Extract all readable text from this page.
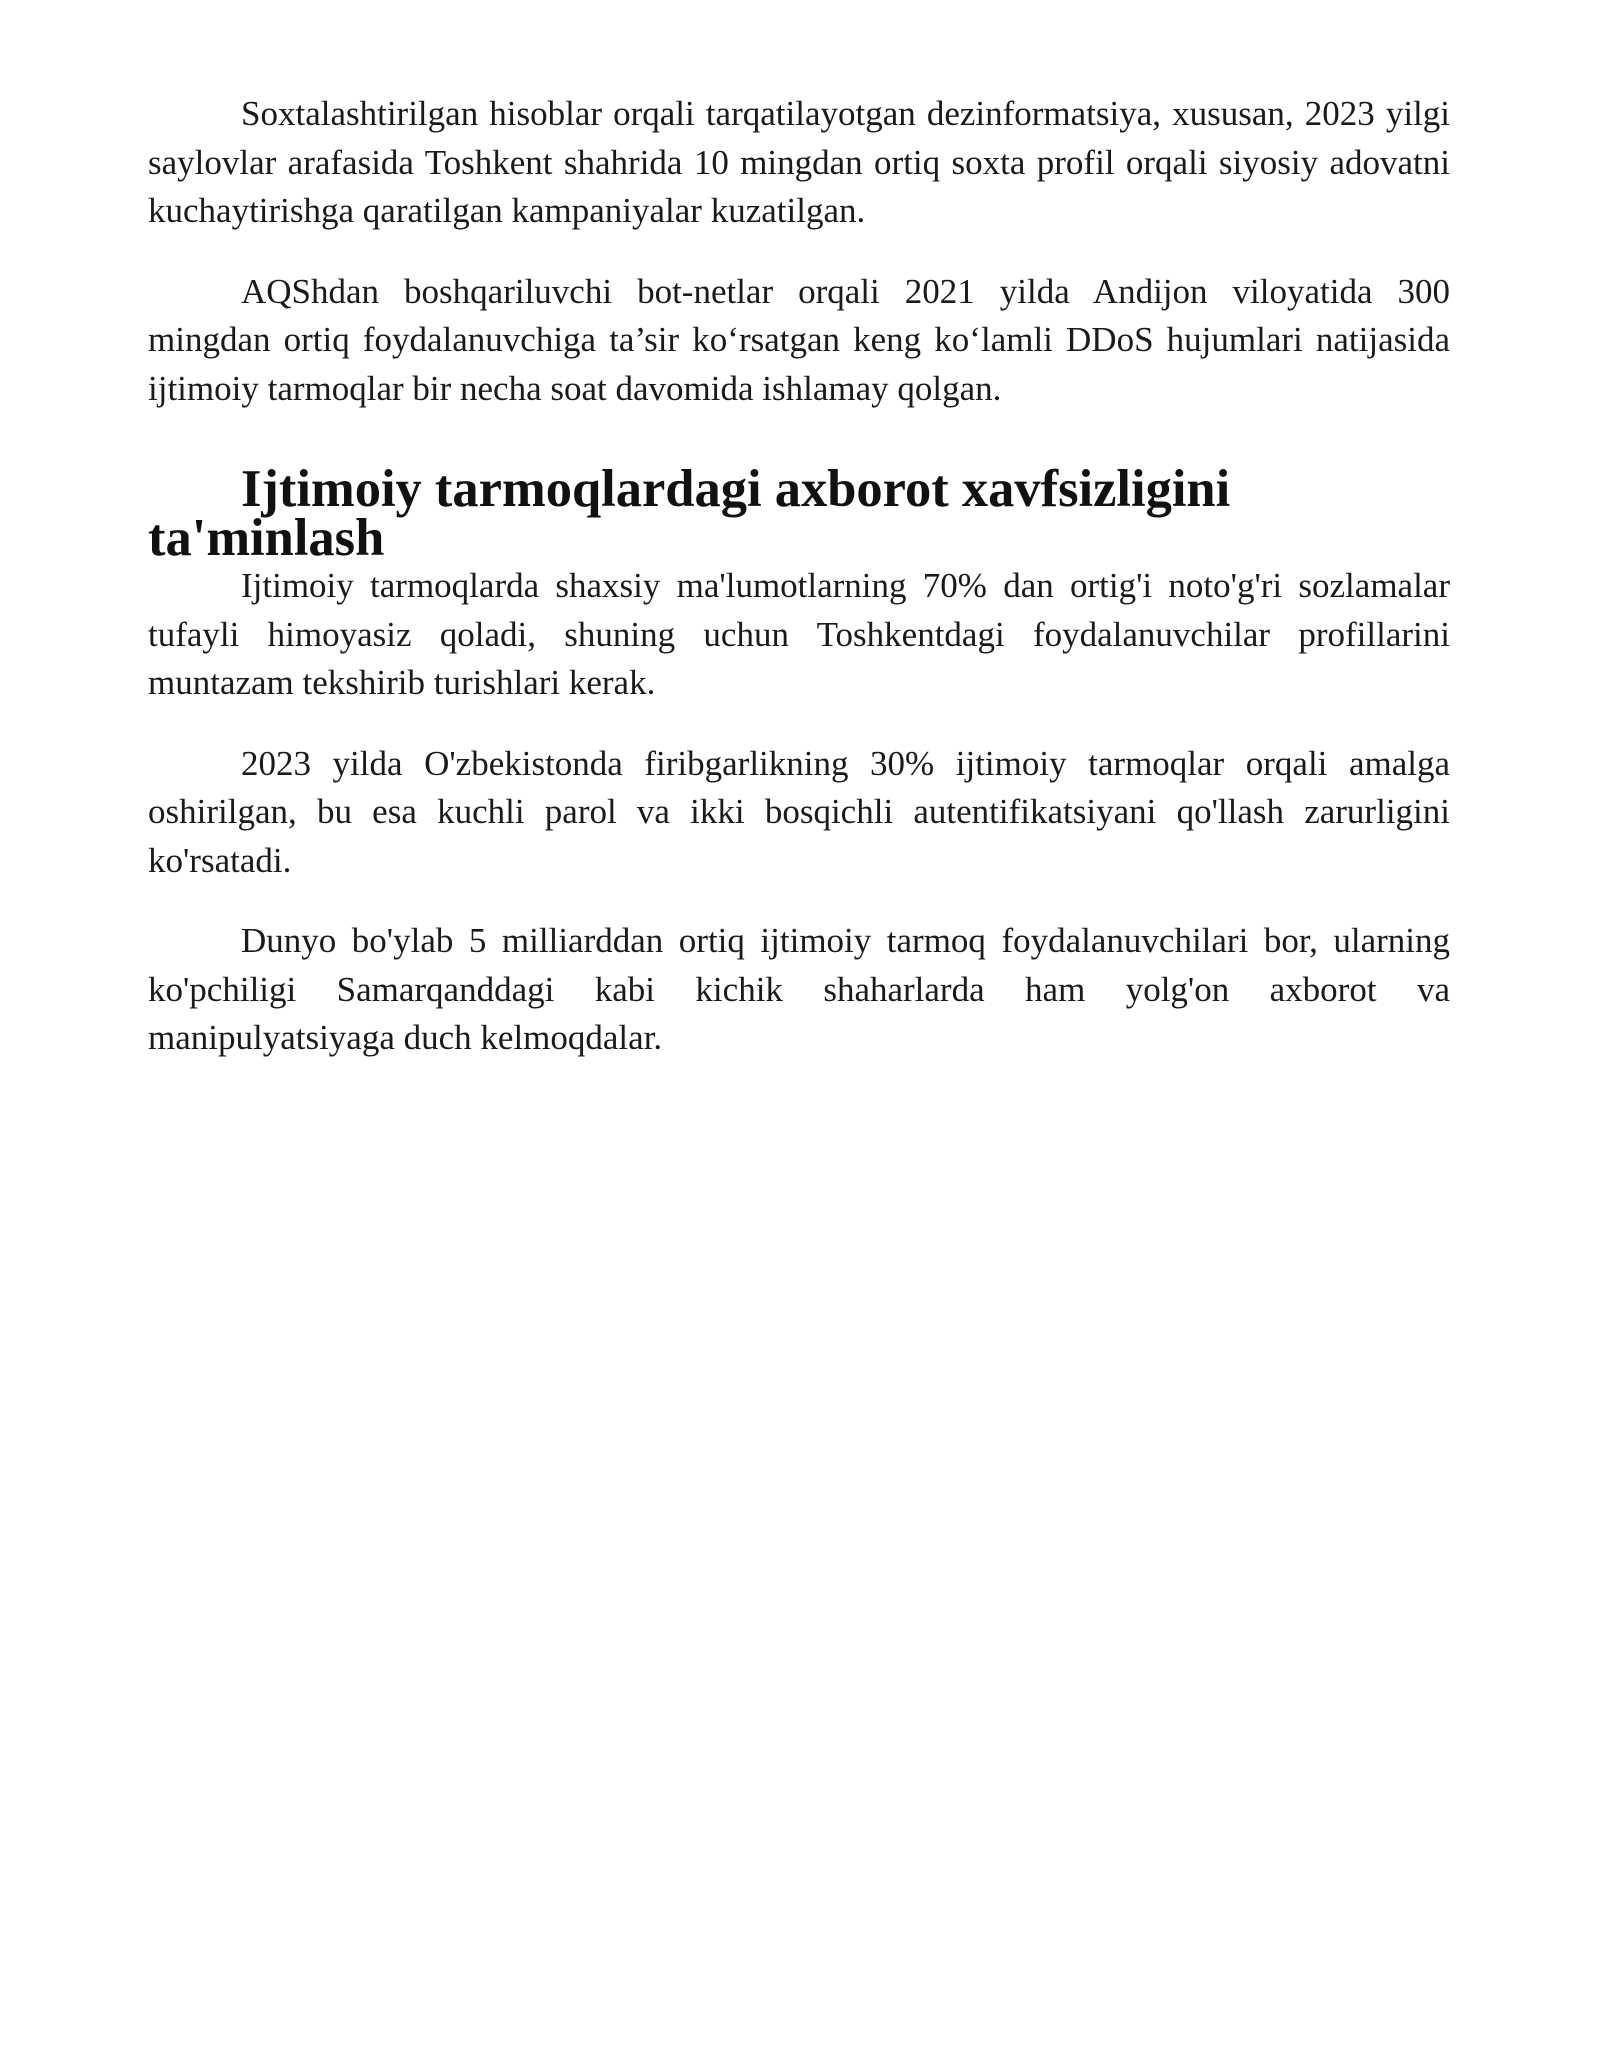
Soxtalashtirilgan hisoblar orqali tarqatilayotgan dezinformatsiya, xususan, 2023 yilgi saylovlar arafasida Toshkent shahrida 10 mingdan ortiq soxta profil orqali siyosiy adovatni kuchaytirishga qaratilgan kampaniyalar kuzatilgan.

AQShdan boshqariluvchi bot-netlar orqali 2021 yilda Andijon viloyatida 300 mingdan ortiq foydalanuvchiga ta’sir ko‘rsatgan keng ko‘lamli DDoS hujumlari natijasida ijtimoiy tarmoqlar bir necha soat davomida ishlamay qolgan.

Ijtimoiy tarmoqlardagi axborot xavfsizligini ta'minlash

Ijtimoiy tarmoqlarda shaxsiy ma'lumotlarning 70% dan ortig'i noto'g'ri sozlamalar tufayli himoyasiz qoladi, shuning uchun Toshkentdagi foydalanuvchilar profillarini muntazam tekshirib turishlari kerak.

2023 yilda O'zbekistonda firibgarlikning 30% ijtimoiy tarmoqlar orqali amalga oshirilgan, bu esa kuchli parol va ikki bosqichli autentifikatsiyani qo'llash zarurligini ko'rsatadi.

Dunyo bo'ylab 5 milliarddan ortiq ijtimoiy tarmoq foydalanuvchilari bor, ularning ko'pchiligi Samarqanddagi kabi kichik shaharlarda ham yolg'on axborot va manipulyatsiyaga duch kelmoqdalar.
